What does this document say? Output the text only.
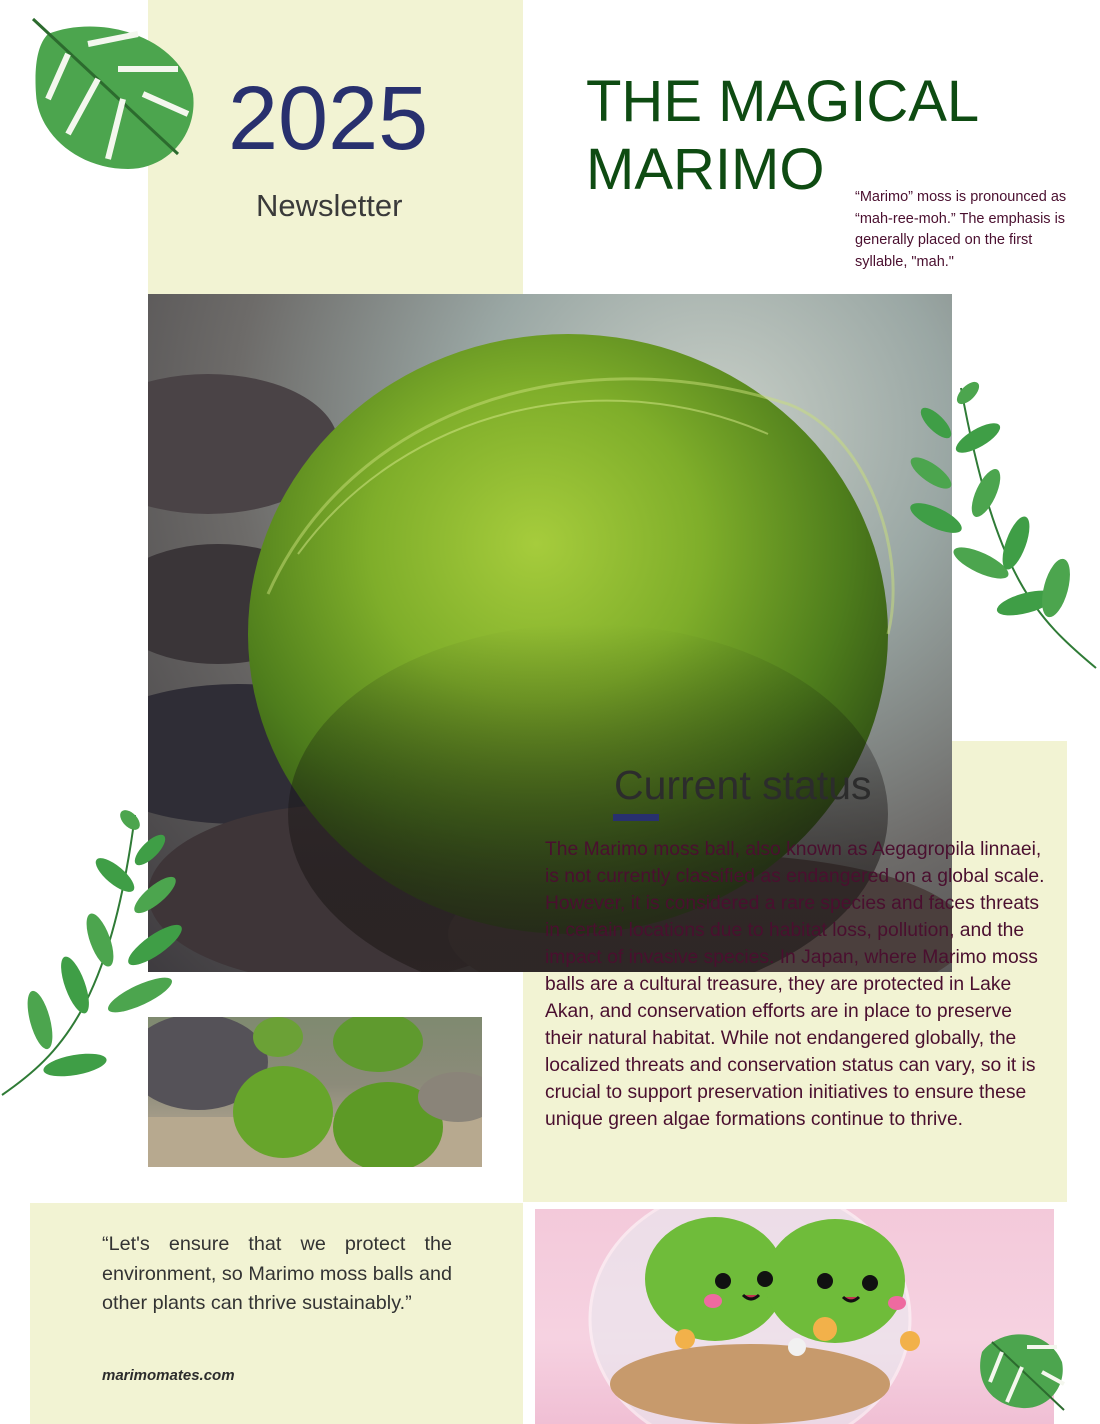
2025
Newsletter
THE MAGICAL
MARIMO	“Marimo” moss is pronounced as “mah-ree-moh.” The emphasis is generally placed on the first syllable, "mah."
Current status
The Marimo moss ball, also known as Aegagropila linnaei, is not currently classified as endangered on a global scale. However, it is considered a rare species and faces threats in certain locations due to habitat loss, pollution, and the impact of invasive species. In Japan, where Marimo moss balls are a cultural treasure, they are protected in Lake Akan, and conservation efforts are in place to preserve their natural habitat. While not endangered globally, the localized threats and conservation status can vary, so it is crucial to support preservation initiatives to ensure these unique green algae formations continue to thrive.
“Let's ensure that we protect the environment, so Marimo moss balls and other plants can thrive sustainably.”
marimomates.com
